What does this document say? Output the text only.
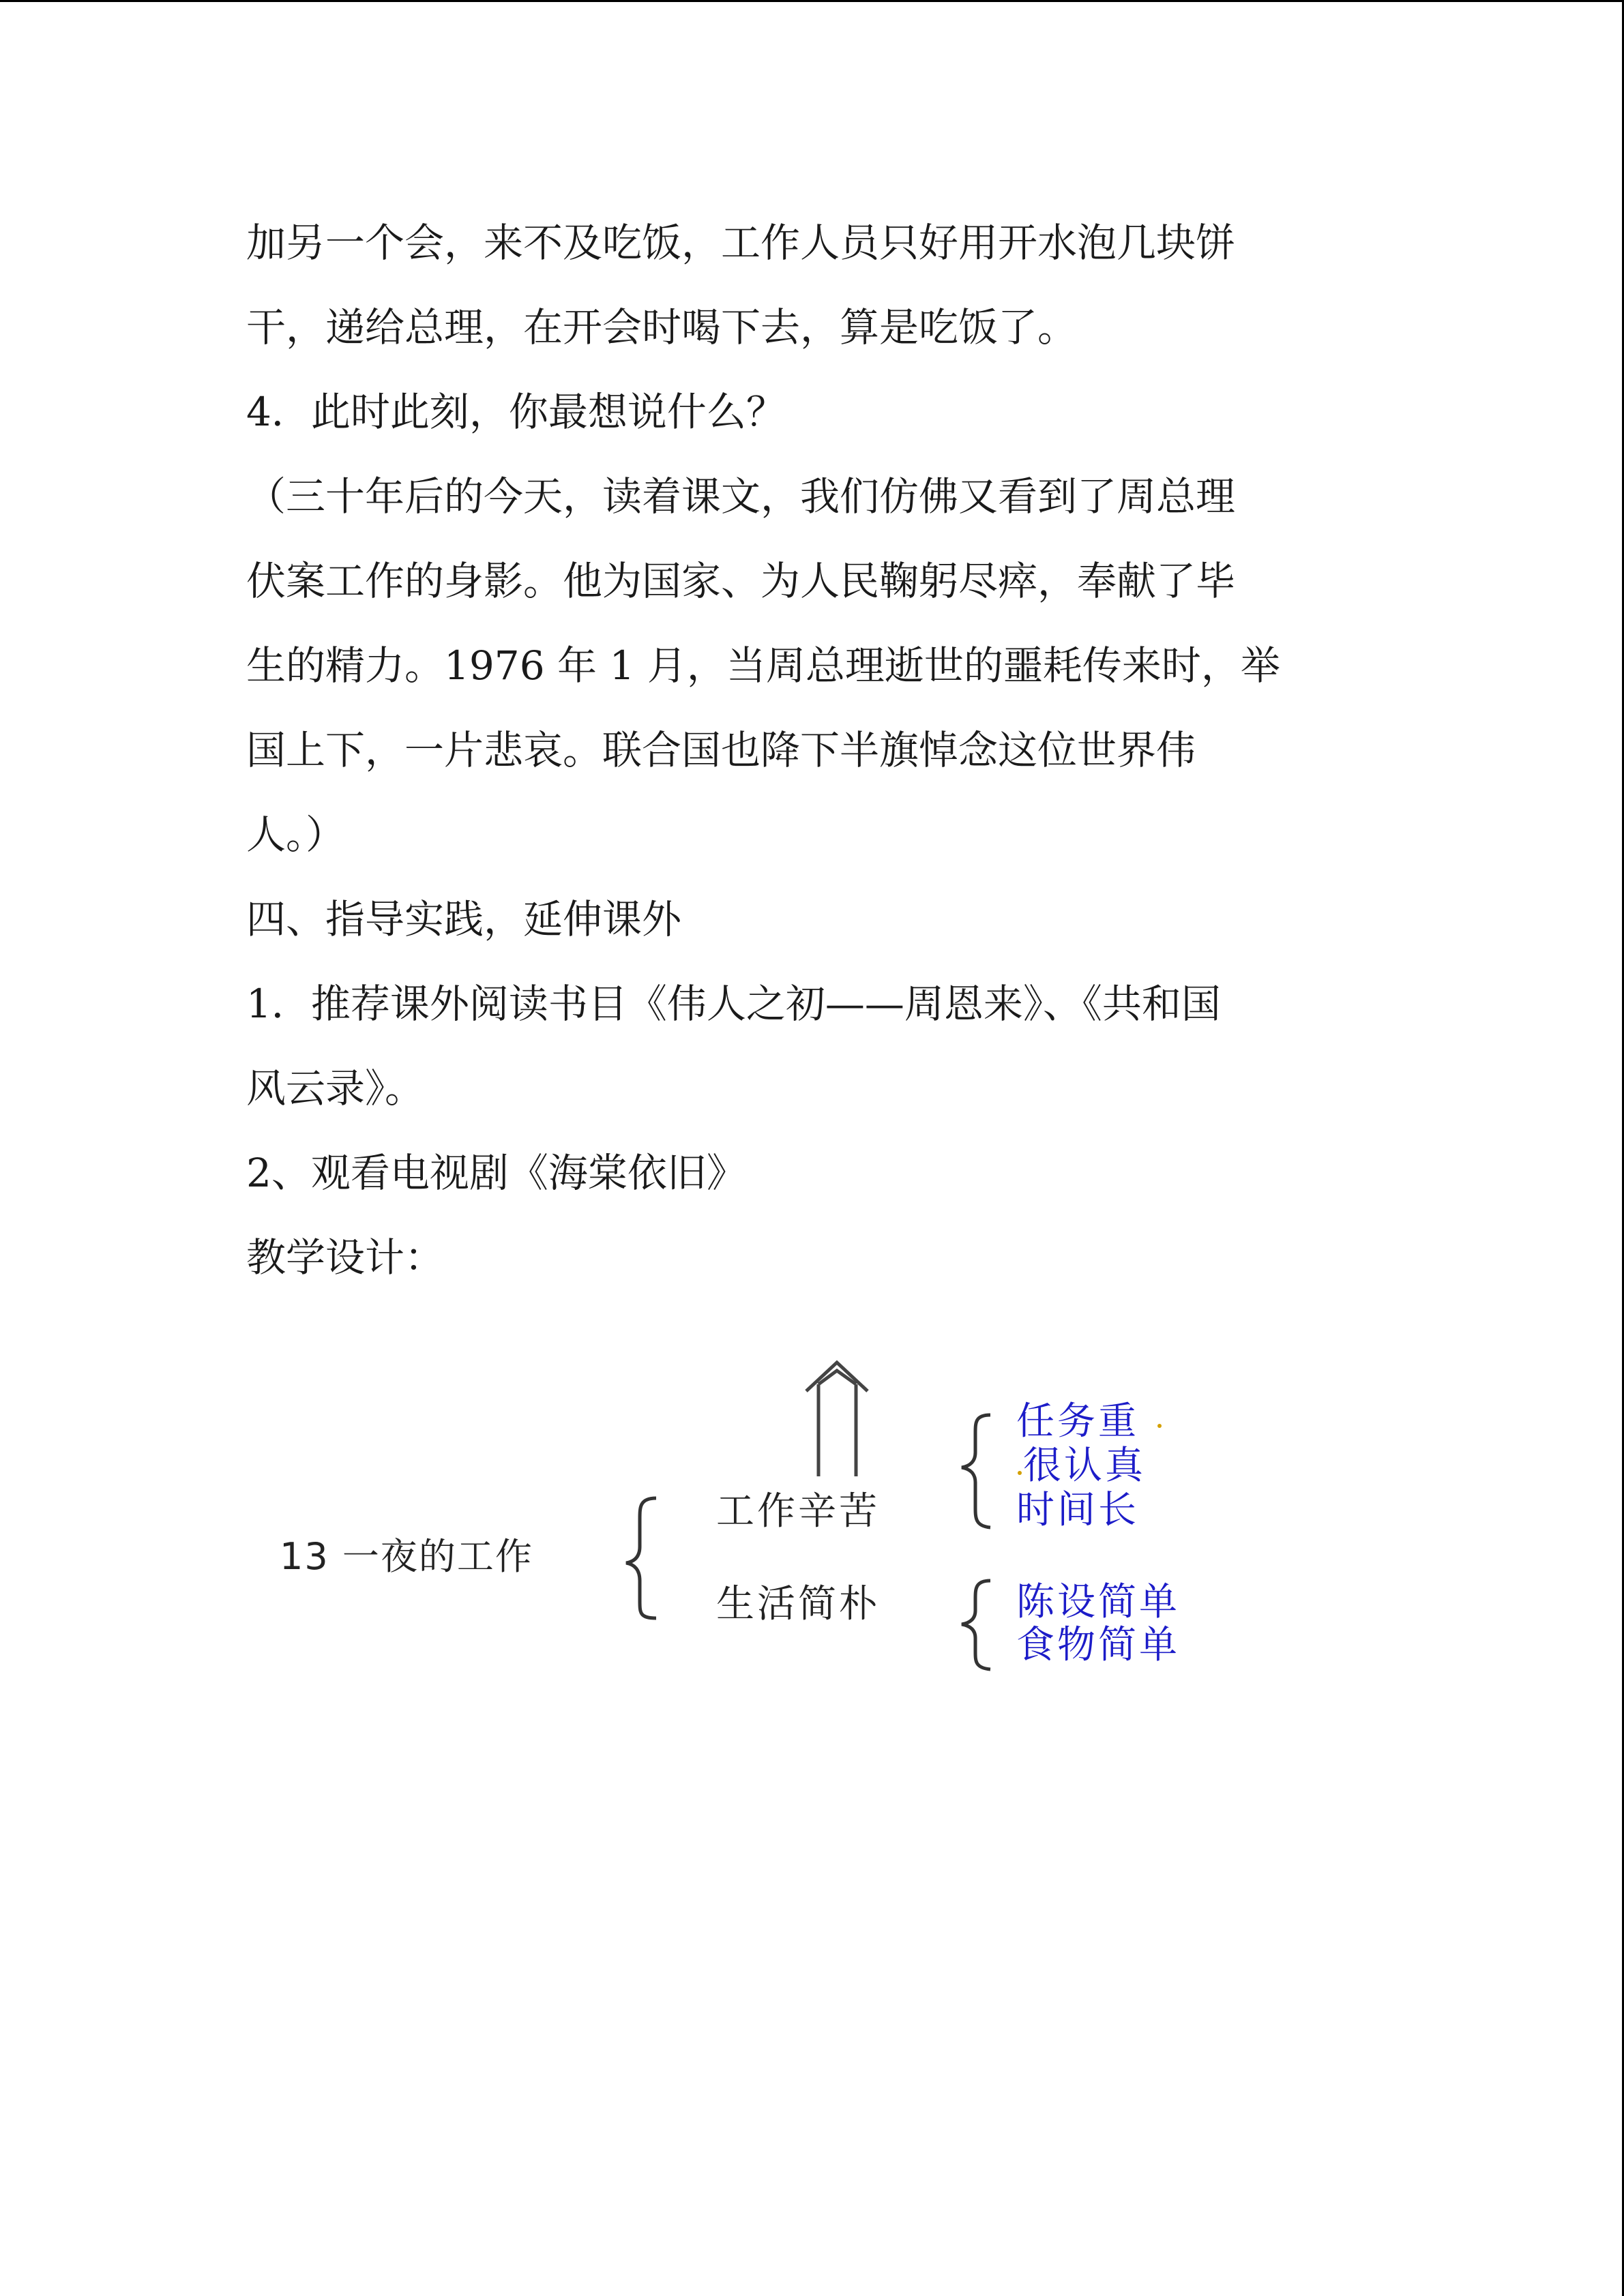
加另一个会，来不及吃饭，工作人员只好用开水泡几块饼

干，递给总理，在开会时喝下去，算是吃饭了。

4．此时此刻，你最想说什么？

（三十年后的今天，读着课文，我们仿佛又看到了周总理

伏案工作的身影。他为国家、为人民鞠躬尽瘁，奉献了毕

生的精力。1976 年 1 月，当周总理逝世的噩耗传来时，举

国上下，一片悲哀。联合国也降下半旗悼念这位世界伟

人。）

四、指导实践，延伸课外

1．推荐课外阅读书目《伟人之初——周恩来》、《共和国

风云录》。

2、观看电视剧《海棠依旧》

教学设计：

13 一夜的工作
工作辛苦
生活简朴
任务重
很认真
时间长
陈设简单
食物简单
